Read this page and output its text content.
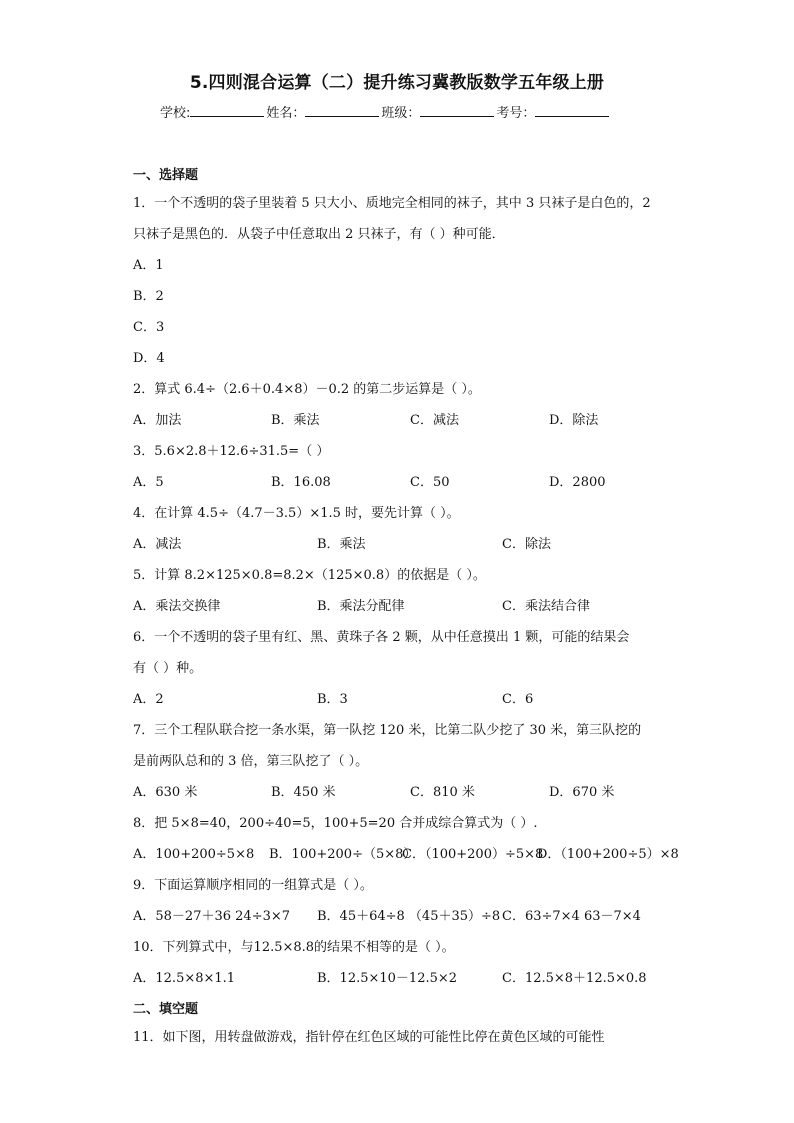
5.四则混合运算（二）提升练习冀教版数学五年级上册
学校:	姓名：	班级：	考号：
一、选择题
1．一个不透明的袋子里装着 5 只大小、质地完全相同的袜子，其中 3 只袜子是白色的，2
只袜子是黑色的．从袋子中任意取出 2 只袜子，有（ ）种可能．
A．1
B．2
C．3
D．4
2．算式 6.4÷（2.6＋0.4×8）－0.2 的第二步运算是（ ）。
A．加法	B．乘法	C．减法	D．除法
3．5.6×2.8＋12.6÷31.5=（ ）
A．5	B．16.08	C．50	D．2800
4．在计算 4.5÷（4.7－3.5）×1.5 时，要先计算（ ）。
A．减法	B．乘法	C．除法
5．计算 8.2×125×0.8=8.2×（125×0.8）的依据是（ ）。
A．乘法交换律	B．乘法分配律	C．乘法结合律
6．一个不透明的袋子里有红、黑、黄珠子各 2 颗，从中任意摸出 1 颗，可能的结果会
有（ ）种。
A．2	B．3	C．6
7．三个工程队联合挖一条水渠，第一队挖 120 米，比第二队少挖了 30 米，第三队挖的
是前两队总和的 3 倍，第三队挖了（ ）。
A．630 米	B．450 米	C．810 米	D．670 米
8．把 5×8=40，200÷40=5，100+5=20 合并成综合算式为（ ）.
A．100+200÷5×8 B．100+200÷（5×8）
C．（100+200）÷5×8
D．（100+200÷5）×8
9．下面运算顺序相同的一组算式是（ ）。
A．58－27＋36 24÷3×7 B．45＋64÷8 （45＋35）÷8 C．63÷7×4 63－7×4
10．下列算式中，与12.5×8.8的结果不相等的是（ ）。
A．12.5×8×1.1	B．12.5×10－12.5×2	C．12.5×8＋12.5×0.8
二、填空题
11．如下图，用转盘做游戏，指针停在红色区域的可能性比停在黄色区域的可能性
